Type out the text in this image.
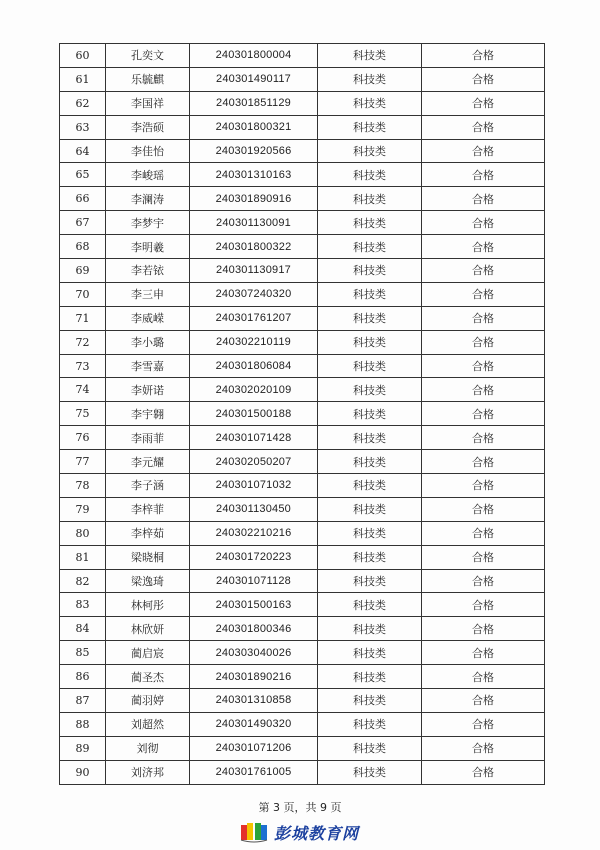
60	孔奕文	240301800004	科技类	合格
61	乐毓麒	240301490117	科技类	合格
62	李国祥	240301851129	科技类	合格
63	李浩硕	240301800321	科技类	合格
64	李佳怡	240301920566	科技类	合格
65	李峻瑶	240301310163	科技类	合格
66	李澜涛	240301890916	科技类	合格
67	李梦宇	240301130091	科技类	合格
68	李明羲	240301800322	科技类	合格
69	李若铱	240301130917	科技类	合格
70	李三申	240307240320	科技类	合格
71	李威嵘	240301761207	科技类	合格
72	李小璐	240302210119	科技类	合格
73	李雪嘉	240301806084	科技类	合格
74	李妍诺	240302020109	科技类	合格
75	李宇翱	240301500188	科技类	合格
76	李雨菲	240301071428	科技类	合格
77	李元耀	240302050207	科技类	合格
78	李子涵	240301071032	科技类	合格
79	李梓菲	240301130450	科技类	合格
80	李梓茹	240302210216	科技类	合格
81	梁晓桐	240301720223	科技类	合格
82	梁逸琦	240301071128	科技类	合格
83	林柯彤	240301500163	科技类	合格
84	林欣妍	240301800346	科技类	合格
85	蔺启宸	240303040026	科技类	合格
86	蔺圣杰	240301890216	科技类	合格
87	蔺羽婷	240301310858	科技类	合格
88	刘超然	240301490320	科技类	合格
89	刘彻	240301071206	科技类	合格
90	刘济邦	240301761005	科技类	合格
第 3 页，共 9 页
彭城教育网
